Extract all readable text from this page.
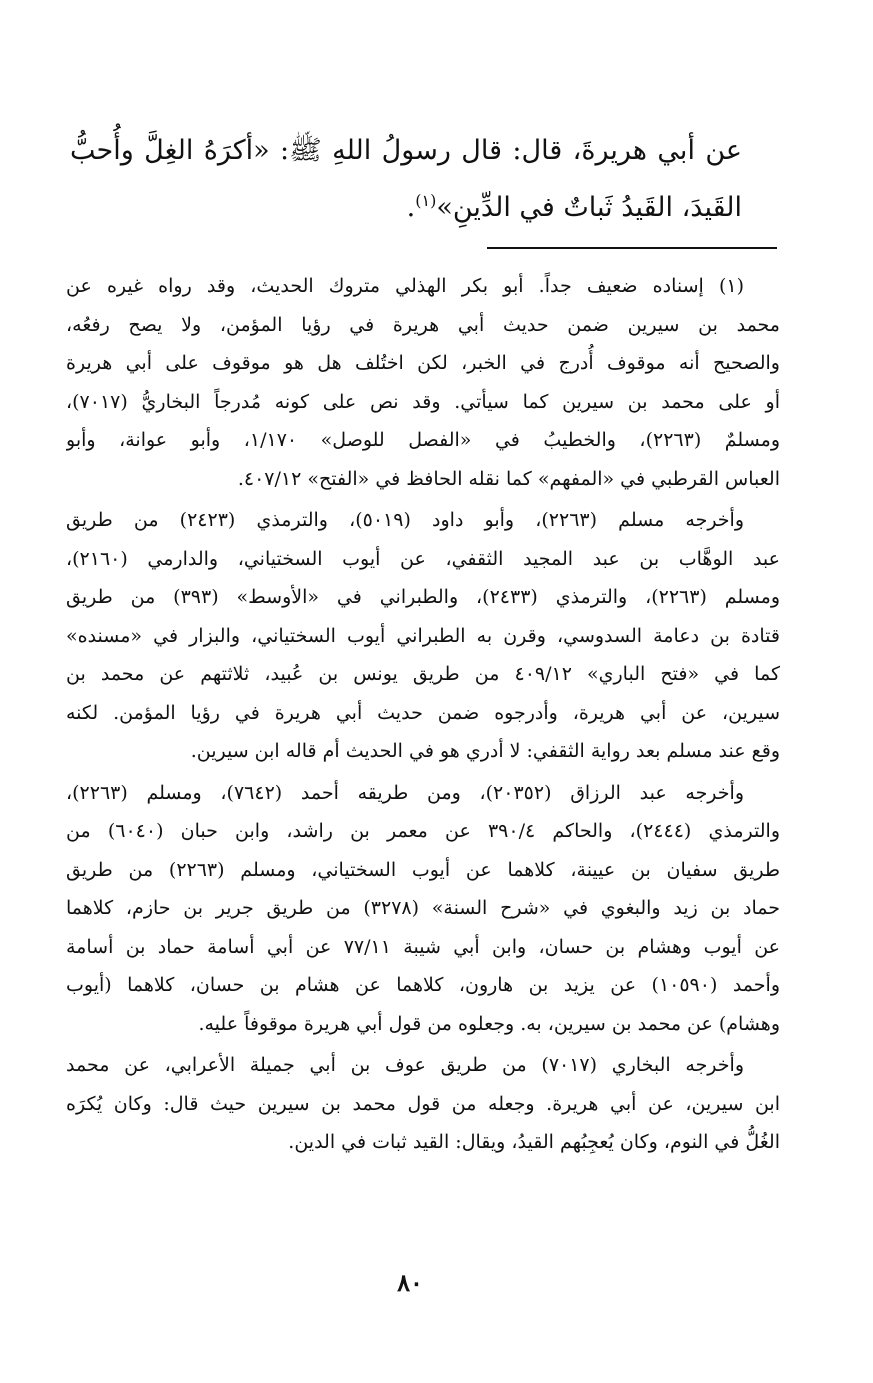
عن أبي هريرةَ، قال: قال رسولُ اللهِ ﷺ: «أكرَهُ الغِلَّ وأُحبُّ القَيدَ، القَيدُ ثَباتٌ في الدِّينِ»$^{(١)}$.
(١) إسناده ضعيف جداً. أبو بكر الهذلي متروك الحديث، وقد رواه غيره عن
محمد بن سيرين ضمن حديث أبي هريرة في رؤيا المؤمن، ولا يصح رفعُه،
والصحيح أنه موقوف أُدرج في الخبر، لكن اختُلف هل هو موقوف على أبي هريرة
أو على محمد بن سيرين كما سيأتي. وقد نص على كونه مُدرجاً البخاريُّ (٧٠١٧)،
ومسلمٌ (٢٢٦٣)، والخطيبُ في «الفصل للوصل» ١/١٧٠، وأبو عوانة، وأبو
العباس القرطبي في «المفهم» كما نقله الحافظ في «الفتح» ٤٠٧/١٢.
وأخرجه مسلم (٢٢٦٣)، وأبو داود (٥٠١٩)، والترمذي (٢٤٢٣) من طريق
عبد الوهَّاب بن عبد المجيد الثقفي، عن أيوب السختياني، والدارمي (٢١٦٠)،
ومسلم (٢٢٦٣)، والترمذي (٢٤٣٣)، والطبراني في «الأوسط» (٣٩٣) من طريق
قتادة بن دعامة السدوسي، وقرن به الطبراني أيوب السختياني، والبزار في «مسنده»
كما في «فتح الباري» ٤٠٩/١٢ من طريق يونس بن عُبيد، ثلاثتهم عن محمد بن
سيرين، عن أبي هريرة، وأدرجوه ضمن حديث أبي هريرة في رؤيا المؤمن. لكنه
وقع عند مسلم بعد رواية الثقفي: لا أدري هو في الحديث أم قاله ابن سيرين.
وأخرجه عبد الرزاق (٢٠٣٥٢)، ومن طريقه أحمد (٧٦٤٢)، ومسلم (٢٢٦٣)،
والترمذي (٢٤٤٤)، والحاكم ٣٩٠/٤ عن معمر بن راشد، وابن حبان (٦٠٤٠) من
طريق سفيان بن عيينة، كلاهما عن أيوب السختياني، ومسلم (٢٢٦٣) من طريق
حماد بن زيد والبغوي في «شرح السنة» (٣٢٧٨) من طريق جرير بن حازم، كلاهما
عن أيوب وهشام بن حسان، وابن أبي شيبة ٧٧/١١ عن أبي أسامة حماد بن أسامة
وأحمد (١٠٥٩٠) عن يزيد بن هارون، كلاهما عن هشام بن حسان، كلاهما (أيوب
وهشام) عن محمد بن سيرين، به. وجعلوه من قول أبي هريرة موقوفاً عليه.
وأخرجه البخاري (٧٠١٧) من طريق عوف بن أبي جميلة الأعرابي، عن محمد
ابن سيرين، عن أبي هريرة. وجعله من قول محمد بن سيرين حيث قال: وكان يُكرَه
الغُلُّ في النوم، وكان يُعجِبُهم القيدُ، ويقال: القيد ثبات في الدين.
٨٠
